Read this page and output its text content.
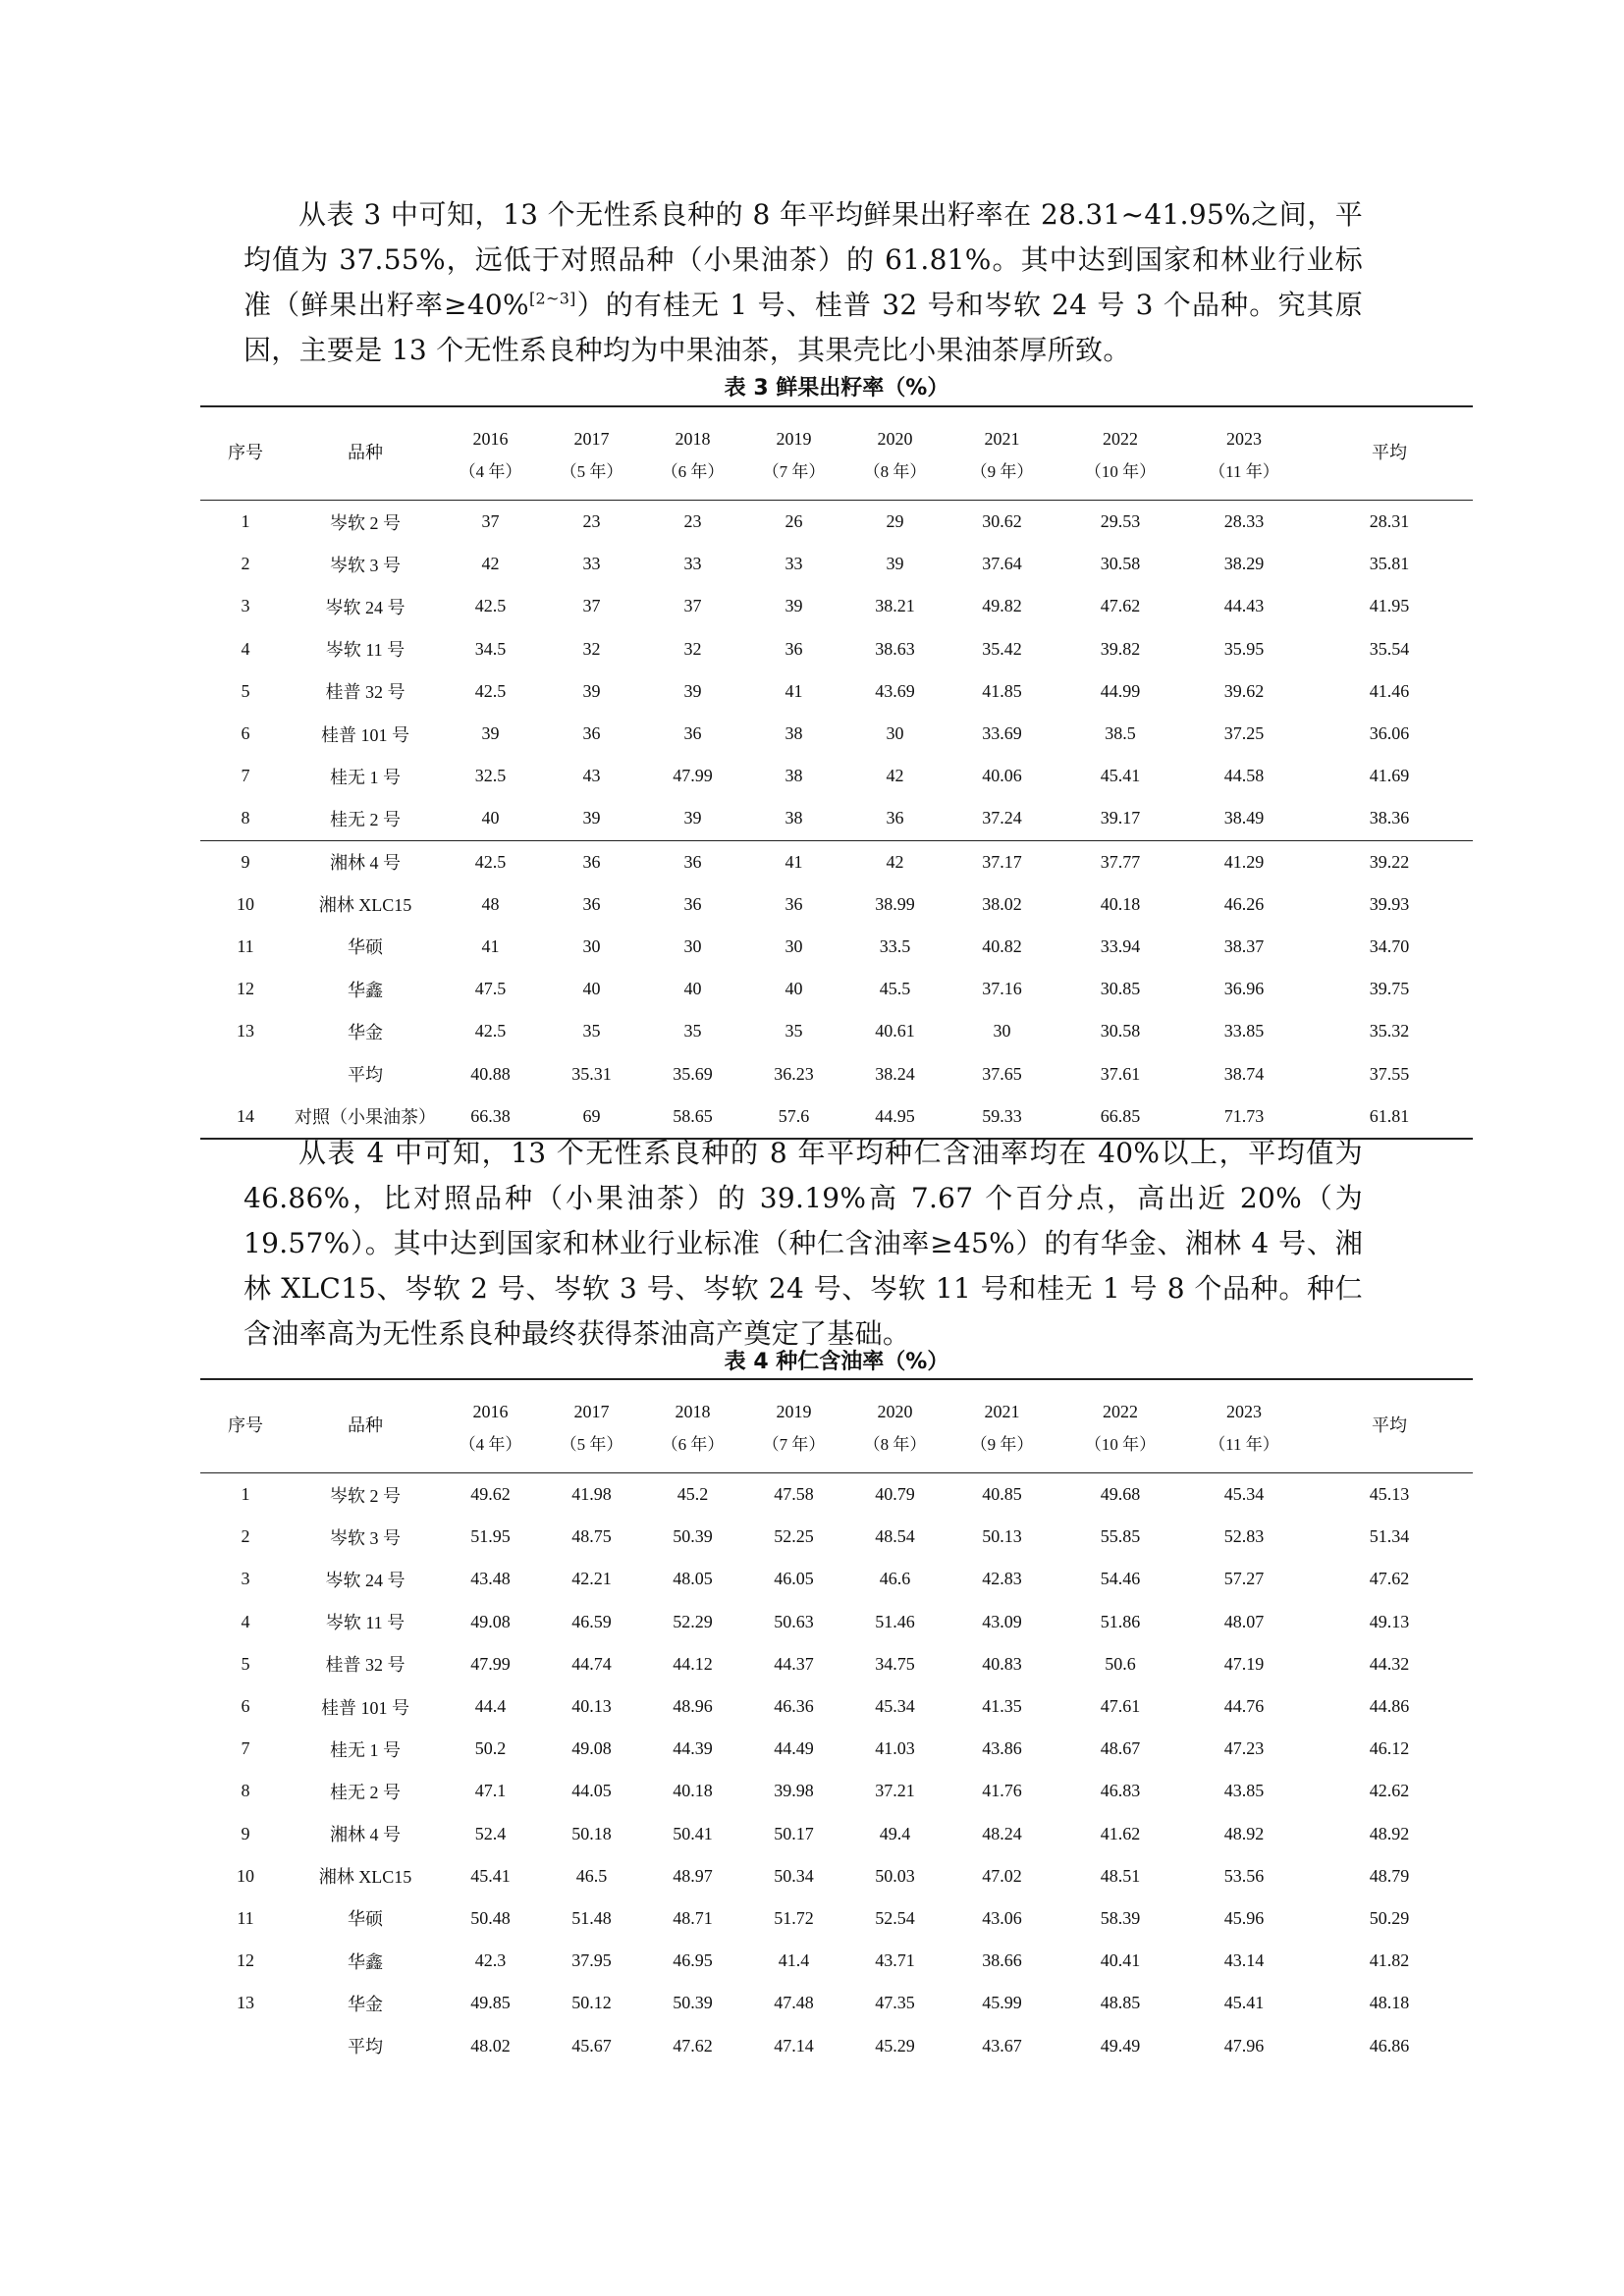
从表 3 中可知，13 个无性系良种的 8 年平均鲜果出籽率在 28.31~41.95%之间，平均值为 37.55%，远低于对照品种（小果油茶）的 61.81%。其中达到国家和林业行业标准（鲜果出籽率≥40%[2~3]）的有桂无 1 号、桂普 32 号和岑软 24 号 3 个品种。究其原因，主要是 13 个无性系良种均为中果油茶，其果壳比小果油茶厚所致。

表 3 鲜果出籽率（%）

序号	品种	2016	2017	2018	2019	2020	2021	2022	2023	平均
		（4 年）	（5 年）	（6 年）	（7 年）	（8 年）	（9 年）	（10 年）	（11 年）	
1	岑软 2 号	37	23	23	26	29	30.62	29.53	28.33	28.31
2	岑软 3 号	42	33	33	33	39	37.64	30.58	38.29	35.81
3	岑软 24 号	42.5	37	37	39	38.21	49.82	47.62	44.43	41.95
4	岑软 11 号	34.5	32	32	36	38.63	35.42	39.82	35.95	35.54
5	桂普 32 号	42.5	39	39	41	43.69	41.85	44.99	39.62	41.46
6	桂普 101 号	39	36	36	38	30	33.69	38.5	37.25	36.06
7	桂无 1 号	32.5	43	47.99	38	42	40.06	45.41	44.58	41.69
8	桂无 2 号	40	39	39	38	36	37.24	39.17	38.49	38.36
9	湘林 4 号	42.5	36	36	41	42	37.17	37.77	41.29	39.22
10	湘林 XLC15	48	36	36	36	38.99	38.02	40.18	46.26	39.93
11	华硕	41	30	30	30	33.5	40.82	33.94	38.37	34.70
12	华鑫	47.5	40	40	40	45.5	37.16	30.85	36.96	39.75
13	华金	42.5	35	35	35	40.61	30	30.58	33.85	35.32
	平均	40.88	35.31	35.69	36.23	38.24	37.65	37.61	38.74	37.55
14	对照（小果油茶）	66.38	69	58.65	57.6	44.95	59.33	66.85	71.73	61.81

从表 4 中可知，13 个无性系良种的 8 年平均种仁含油率均在 40%以上，平均值为 46.86%，比对照品种（小果油茶）的 39.19%高 7.67 个百分点，高出近 20%（为 19.57%）。其中达到国家和林业行业标准（种仁含油率≥45%）的有华金、湘林 4 号、湘林 XLC15、岑软 2 号、岑软 3 号、岑软 24 号、岑软 11 号和桂无 1 号 8 个品种。种仁含油率高为无性系良种最终获得茶油高产奠定了基础。

表 4 种仁含油率（%）

序号	品种	2016	2017	2018	2019	2020	2021	2022	2023	平均
		（4 年）	（5 年）	（6 年）	（7 年）	（8 年）	（9 年）	（10 年）	（11 年）	
1	岑软 2 号	49.62	41.98	45.2	47.58	40.79	40.85	49.68	45.34	45.13
2	岑软 3 号	51.95	48.75	50.39	52.25	48.54	50.13	55.85	52.83	51.34
3	岑软 24 号	43.48	42.21	48.05	46.05	46.6	42.83	54.46	57.27	47.62
4	岑软 11 号	49.08	46.59	52.29	50.63	51.46	43.09	51.86	48.07	49.13
5	桂普 32 号	47.99	44.74	44.12	44.37	34.75	40.83	50.6	47.19	44.32
6	桂普 101 号	44.4	40.13	48.96	46.36	45.34	41.35	47.61	44.76	44.86
7	桂无 1 号	50.2	49.08	44.39	44.49	41.03	43.86	48.67	47.23	46.12
8	桂无 2 号	47.1	44.05	40.18	39.98	37.21	41.76	46.83	43.85	42.62
9	湘林 4 号	52.4	50.18	50.41	50.17	49.4	48.24	41.62	48.92	48.92
10	湘林 XLC15	45.41	46.5	48.97	50.34	50.03	47.02	48.51	53.56	48.79
11	华硕	50.48	51.48	48.71	51.72	52.54	43.06	58.39	45.96	50.29
12	华鑫	42.3	37.95	46.95	41.4	43.71	38.66	40.41	43.14	41.82
13	华金	49.85	50.12	50.39	47.48	47.35	45.99	48.85	45.41	48.18
	平均	48.02	45.67	47.62	47.14	45.29	43.67	49.49	47.96	46.86
